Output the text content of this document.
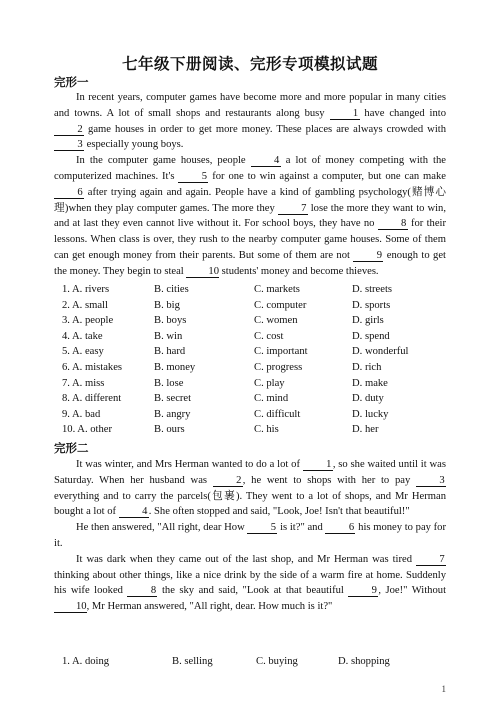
七年级下册阅读、完形专项模拟试题
完形一

In recent years, computer games have become more and more popular in many cities and towns. A lot of small shops and restaurants along busy 1 have changed into 2 game houses in order to get more money. These places are always crowded with 3 especially young boys.

In the computer game houses, people 4 a lot of money competing with the computerized machines. It's 5 for one to win against a computer, but one can make 6 after trying again and again. People have a kind of gambling psychology(赌博心理)when they play computer games. The more they 7 lose the more they want to win, and at last they even cannot live without it. For school boys, they have no 8 for their lessons. When class is over, they rush to the nearby computer game houses. Some of them can get enough money from their parents. But some of them are not 9 enough to get the money. They begin to steal 10 students' money and become thieves.

1. A. rivers	B. cities	C. markets	D. streets
2. A. small	B. big	C. computer	D. sports
3. A. people	B. boys	C. women	D. girls
4. A. take	B. win	C. cost	D. spend
5. A. easy	B. hard	C. important	D. wonderful
6. A. mistakes	B. money	C. progress	D. rich
7. A. miss	B. lose	C. play	D. make
8. A. different	B. secret	C. mind	D. duty
9. A. bad	B. angry	C. difficult	D. lucky
10. A. other	B. ours	C. his	D. her
完形二

It was winter, and Mrs Herman wanted to do a lot of 1, so she waited until it was Saturday. When her husband was 2, he went to shops with her to pay 3 everything and to carry the parcels(包裹). They went to a lot of shops, and Mr Herman bought a lot of 4. She often stopped and said, "Look, Joe! Isn't that beautiful!"

He then answered, "All right, dear How 5 is it?" and 6 his money to pay for it.

It was dark when they came out of the last shop, and Mr Herman was tired 7 thinking about other things, like a nice drink by the side of a warm fire at home. Suddenly his wife looked 8 the sky and said, "Look at that beautiful 9, Joe!" Without 10, Mr Herman answered, "All right, dear. How much is it?"

1. A. doing	B. selling	C. buying	D. shopping
1
